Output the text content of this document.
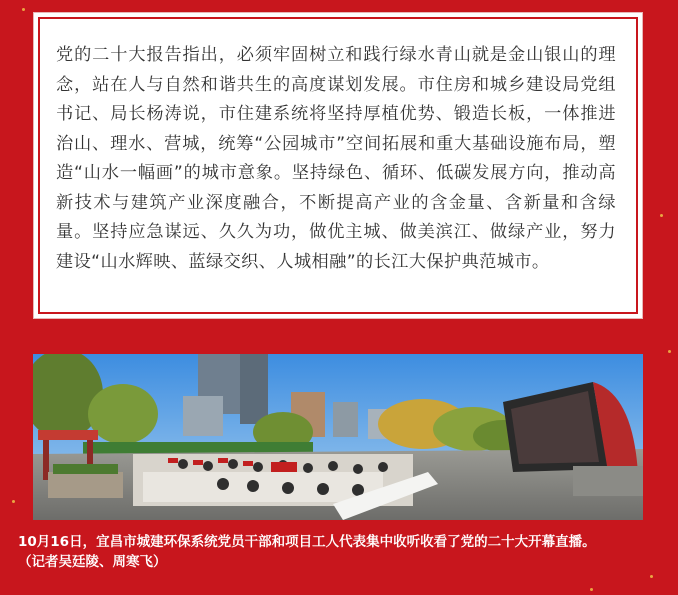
党的二十大报告指出，必须牢固树立和践行绿水青山就是金山银山的理念，站在人与自然和谐共生的高度谋划发展。市住房和城乡建设局党组书记、局长杨涛说，市住建系统将坚持厚植优势、锻造长板，一体推进治山、理水、营城，统筹“公园城市”空间拓展和重大基础设施布局，塑造“山水一幅画”的城市意象。坚持绿色、循环、低碳发展方向，推动高新技术与建筑产业深度融合，不断提高产业的含金量、含新量和含绿量。坚持应急谋远、久久为功，做优主城、做美滨江、做绿产业，努力建设“山水辉映、蓝绿交织、人城相融”的长江大保护典范城市。
10月16日，宜昌市城建环保系统党员干部和项目工人代表集中收听收看了党的二十大开幕直播。
（记者吴廷陵、周寒飞）
